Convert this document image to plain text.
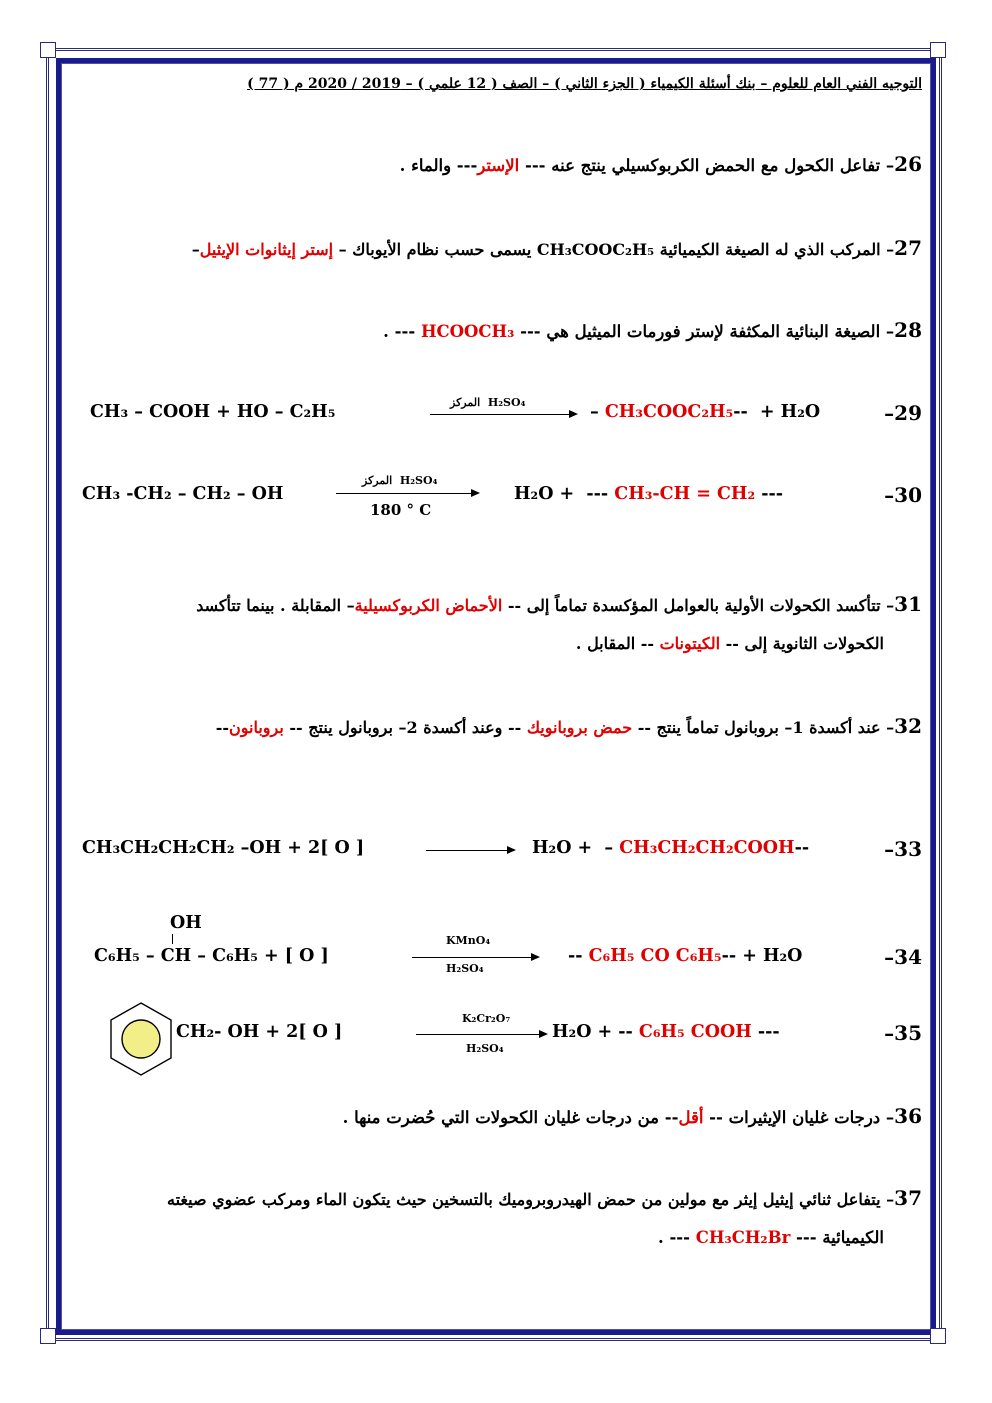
التوجيه الفني العام للعلوم – بنك أسئلة الكيمياء ( الجزء الثاني ) – الصف ( 12 علمي ) – 2019 / 2020 م ( 77 )
26– تفاعل الكحول مع الحمض الكربوكسيلي ينتج عنه --- الإستر--- والماء .
27– المركب الذي له الصيغة الكيميائية CH₃COOC₂H₅ يسمى حسب نظام الأيوباك – إستر إيثانوات الإيثيل–
28– الصيغة البنائية المكثفة لإستر فورمات الميثيل هي --- HCOOCH₃ --- .
CH₃ – COOH + HO – C₂H₅	المركز H₂SO₄	– CH₃COOC₂H₅--  + H₂O	29–
CH₃ -CH₂ – CH₂ – OH
المركز H₂SO₄
180 ° C
H₂O +  --- CH₃-CH = CH₂ ---	30–
31– تتأكسد الكحولات الأولية بالعوامل المؤكسدة تماماً إلى -- الأحماض الكربوكسيلية– المقابلة . بينما تتأكسد
الكحولات الثانوية إلى -- الكيتونات -- المقابل .
32– عند أكسدة 1– بروبانول تماماً ينتج -- حمض بروبانويك -- وعند أكسدة 2– بروبانول ينتج -- بروبانون--
CH₃CH₂CH₂CH₂ –OH + 2[ O ]	H₂O +  – CH₃CH₂CH₂COOH--	33–
OH
C₆H₅ – CH – C₆H₅ + [ O ]
KMnO₄
H₂SO₄
-- C₆H₅ CO C₆H₅-- + H₂O	34–
CH₂- OH + 2[ O ]
K₂Cr₂O₇
H₂SO₄
H₂O + -- C₆H₅ COOH ---	35–
36– درجات غليان الإيثيرات -- أقل-- من درجات غليان الكحولات التي حُضرت منها .
37– يتفاعل ثنائي إيثيل إيثر مع مولين من حمض الهيدروبروميك بالتسخين حيث يتكون الماء ومركب عضوي صيغته
الكيميائية --- CH₃CH₂Br --- .
